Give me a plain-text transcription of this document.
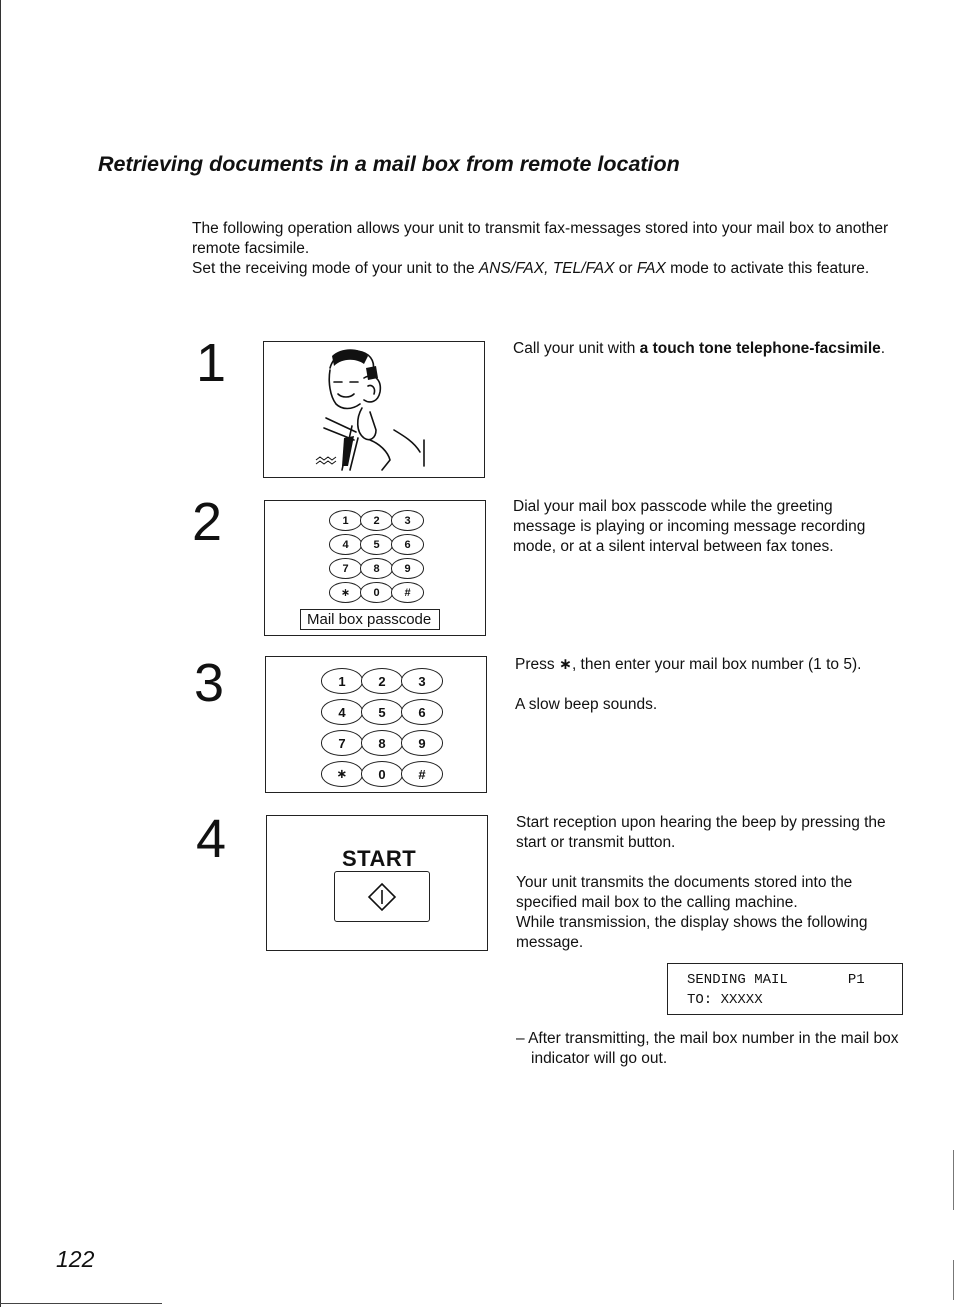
Retrieving documents in a mail box from remote location

The following operation allows your unit to transmit fax-messages stored into your mail box to another remote facsimile.

Set the receiving mode of your unit to the ANS/FAX, TEL/FAX or FAX mode to activate this feature.

1	Call your unit with a touch tone telephone-facsimile.

2	1	2	3
4	5	6
7	8	9
∗	0	#
Mail box passcode

Dial your mail box passcode while the greeting message is playing or incoming message recording mode, or at a silent interval between fax tones.

3	1	2	3
4	5	6
7	8	9
∗	0	#

Press ∗, then enter your mail box number (1 to 5).

A slow beep sounds.

4	START

Start reception upon hearing the beep by pressing the start or transmit button.

Your unit transmits the documents stored into the specified mail box to the calling machine.

While transmission, the display shows the following message.

SENDING MAIL	P1
TO: XXXXX
– After transmitting, the mail box number in the mail box indicator will go out.
122
